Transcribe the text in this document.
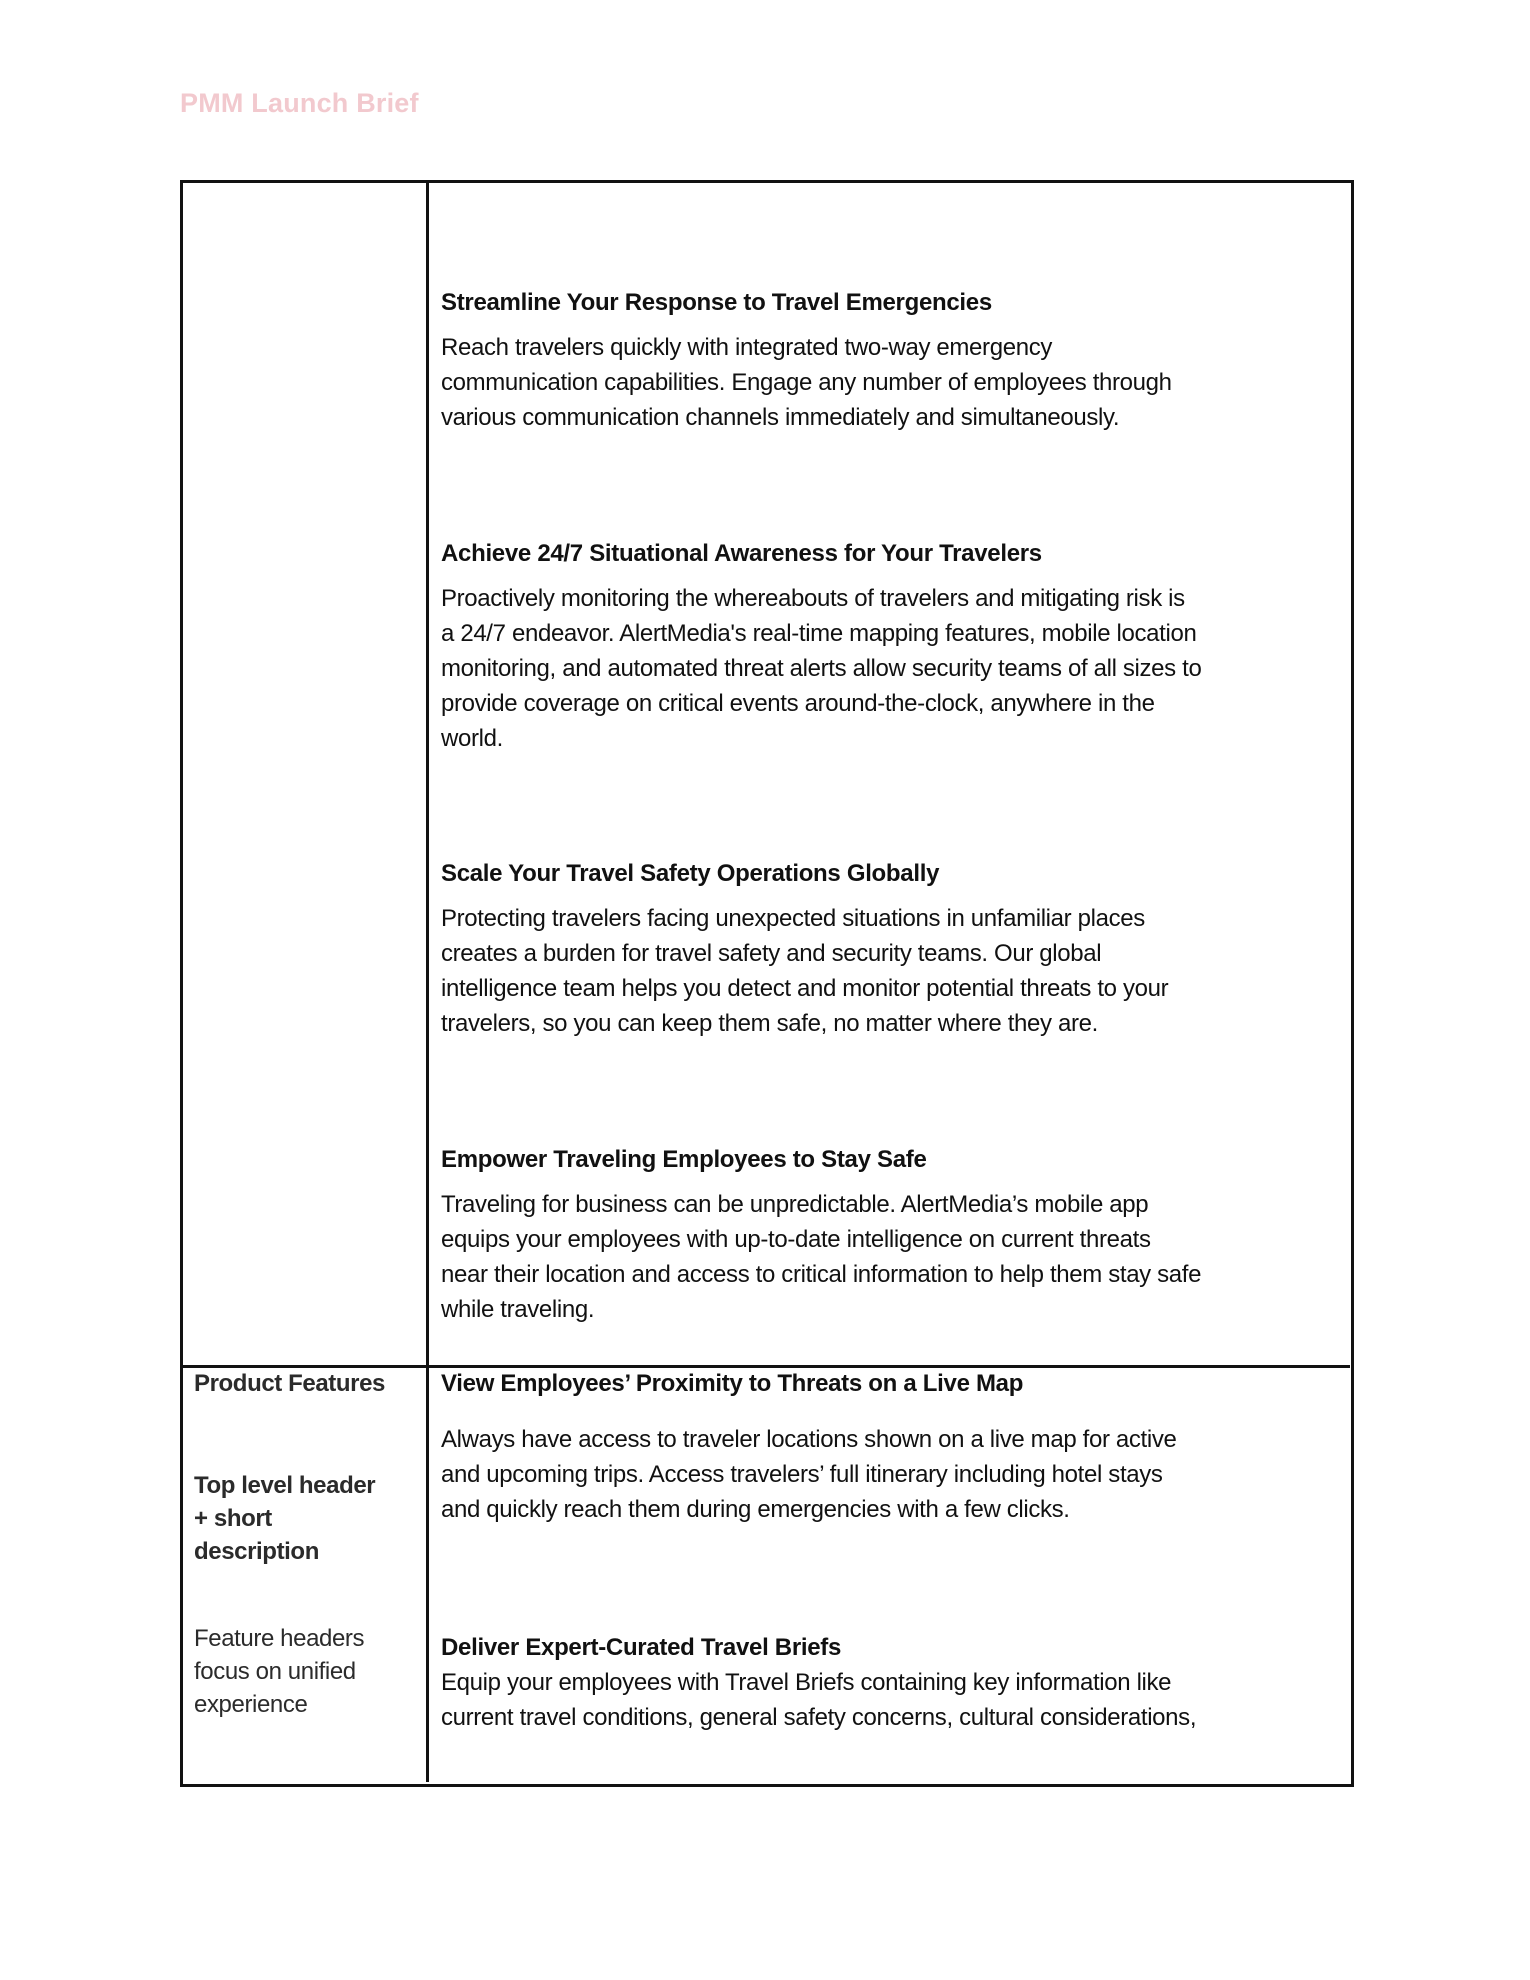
PMM Launch Brief
Streamline Your Response to Travel Emergencies
Reach travelers quickly with integrated two-way emergency
communication capabilities. Engage any number of employees through
various communication channels immediately and simultaneously.
Achieve 24/7 Situational Awareness for Your Travelers
Proactively monitoring the whereabouts of travelers and mitigating risk is
a 24/7 endeavor. AlertMedia's real-time mapping features, mobile location
monitoring, and automated threat alerts allow security teams of all sizes to
provide coverage on critical events around-the-clock, anywhere in the
world.
Scale Your Travel Safety Operations Globally
Protecting travelers facing unexpected situations in unfamiliar places
creates a burden for travel safety and security teams. Our global
intelligence team helps you detect and monitor potential threats to your
travelers, so you can keep them safe, no matter where they are.
Empower Traveling Employees to Stay Safe
Traveling for business can be unpredictable. AlertMedia’s mobile app
equips your employees with up-to-date intelligence on current threats
near their location and access to critical information to help them stay safe
while traveling.
Product Features
Top level header
+ short
description
Feature headers
focus on unified
experience
View Employees’ Proximity to Threats on a Live Map
Always have access to traveler locations shown on a live map for active
and upcoming trips. Access travelers’ full itinerary including hotel stays
and quickly reach them during emergencies with a few clicks.
Deliver Expert-Curated Travel Briefs
Equip your employees with Travel Briefs containing key information like
current travel conditions, general safety concerns, cultural considerations,
